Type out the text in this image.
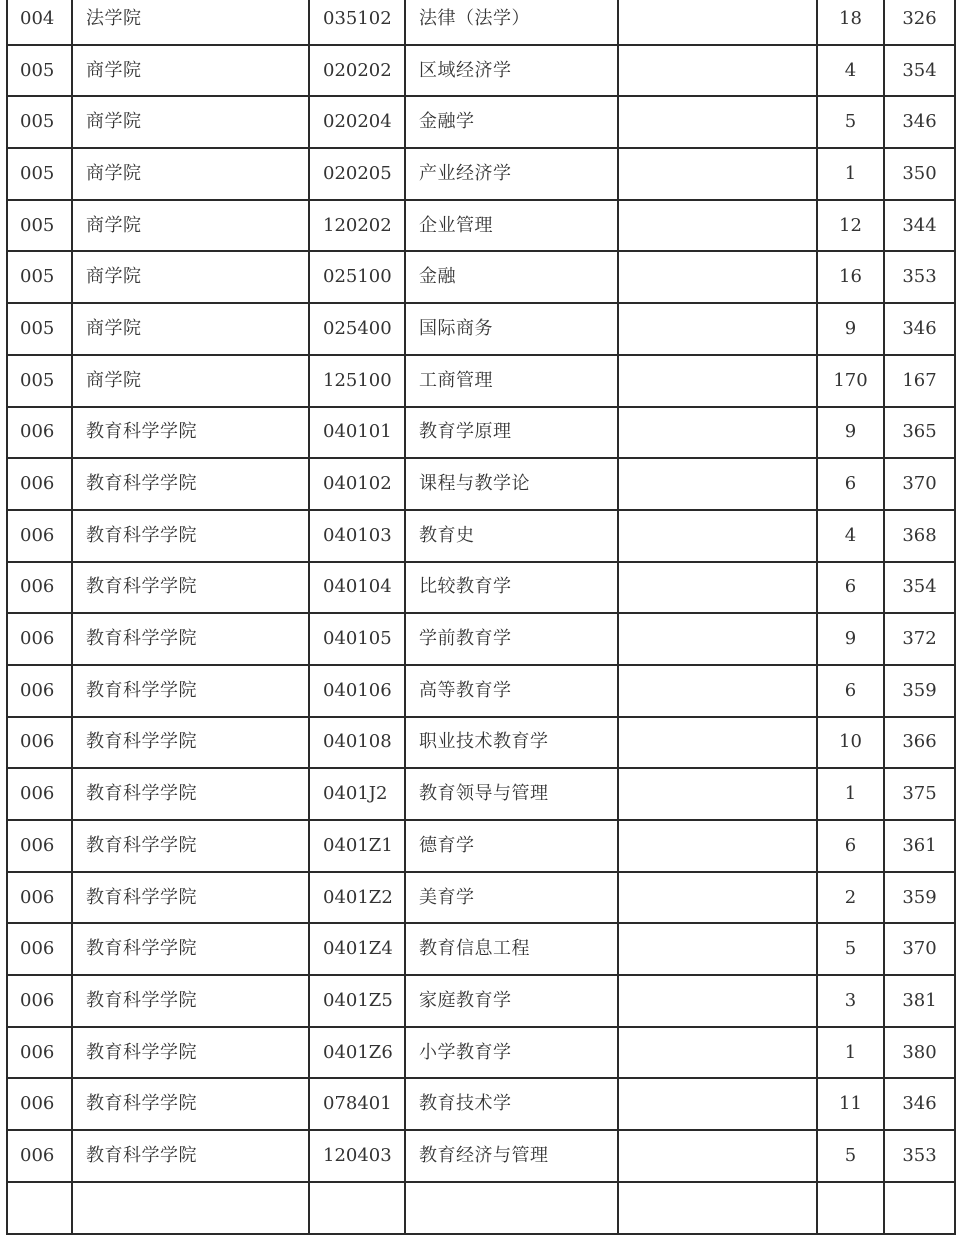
004	法学院	035102	法律（法学）		18	326
005	商学院	020202	区域经济学		4	354
005	商学院	020204	金融学		5	346
005	商学院	020205	产业经济学		1	350
005	商学院	120202	企业管理		12	344
005	商学院	025100	金融		16	353
005	商学院	025400	国际商务		9	346
005	商学院	125100	工商管理		170	167
006	教育科学学院	040101	教育学原理		9	365
006	教育科学学院	040102	课程与教学论		6	370
006	教育科学学院	040103	教育史		4	368
006	教育科学学院	040104	比较教育学		6	354
006	教育科学学院	040105	学前教育学		9	372
006	教育科学学院	040106	高等教育学		6	359
006	教育科学学院	040108	职业技术教育学		10	366
006	教育科学学院	0401J2	教育领导与管理		1	375
006	教育科学学院	0401Z1	德育学		6	361
006	教育科学学院	0401Z2	美育学		2	359
006	教育科学学院	0401Z4	教育信息工程		5	370
006	教育科学学院	0401Z5	家庭教育学		3	381
006	教育科学学院	0401Z6	小学教育学		1	380
006	教育科学学院	078401	教育技术学		11	346
006	教育科学学院	120403	教育经济与管理		5	353
